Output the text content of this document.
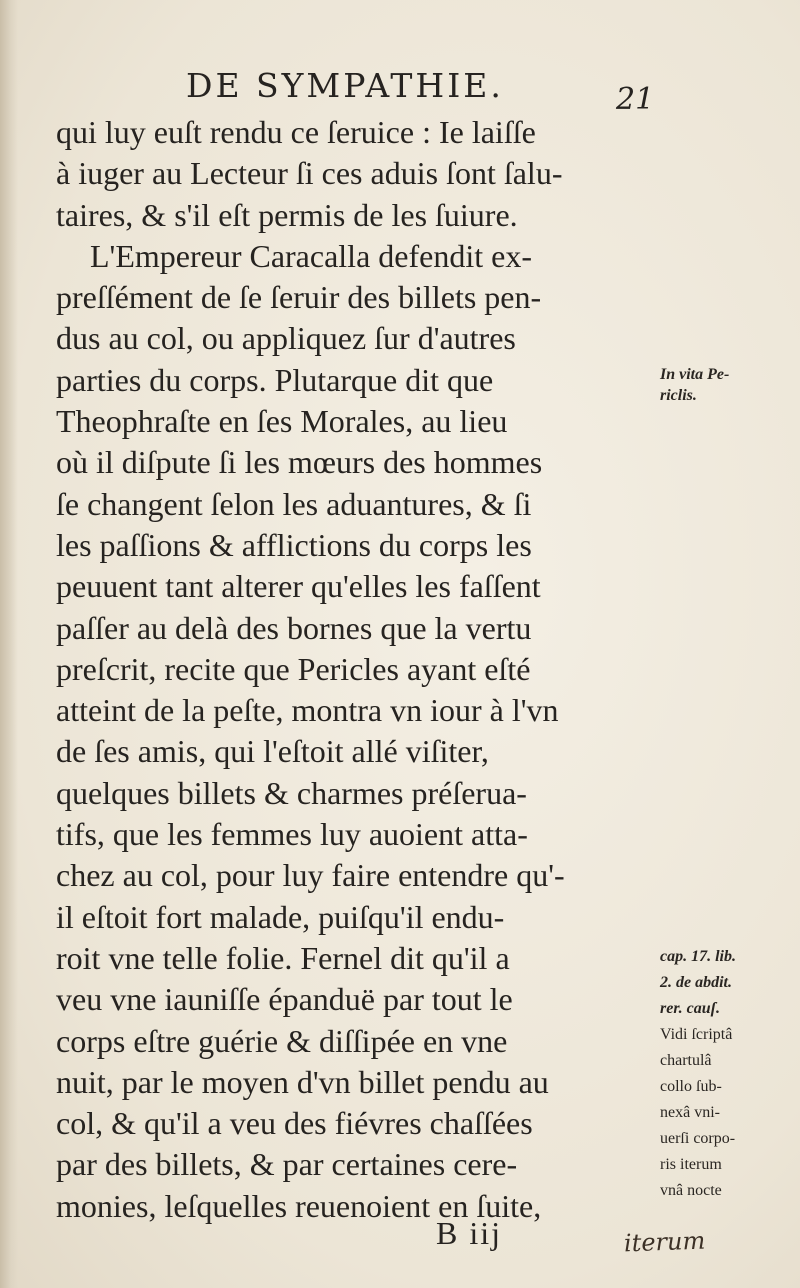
DE SYMPATHIE.	21
qui luy euſt rendu ce ſeruice : Ie laiſſe
à iuger au Lecteur ſi ces aduis ſont ſalu-
taires, & s'il eſt permis de les ſuiure.
L'Empereur Caracalla defendit ex-
preſſément de ſe ſeruir des billets pen-
dus au col, ou appliquez ſur d'autres
parties du corps. Plutarque dit que
Theophraſte en ſes Morales, au lieu
où il diſpute ſi les mœurs des hommes
ſe changent ſelon les aduantures, & ſi
les paſſions & afflictions du corps les
peuuent tant alterer qu'elles les faſſent
paſſer au delà des bornes que la vertu
preſcrit, recite que Pericles ayant eſté
atteint de la peſte, montra vn iour à l'vn
de ſes amis, qui l'eſtoit allé viſiter,
quelques billets & charmes préſerua-
tifs, que les femmes luy auoient atta-
chez au col, pour luy faire entendre qu'-
il eſtoit fort malade, puiſqu'il endu-
roit vne telle folie. Fernel dit qu'il a
veu vne iauniſſe épanduë par tout le
corps eſtre guérie & diſſipée en vne
nuit, par le moyen d'vn billet pendu au
col, & qu'il a veu des fiévres chaſſées
par des billets, & par certaines cere-
monies, leſquelles reuenoient en ſuite,
In vita Pe-
riclis.
cap. 17. lib.
2. de abdit.
rer. cauſ.
Vidi ſcriptâ
chartulâ
collo ſub-
nexâ vni-
uerſi corpo-
ris iterum
vnâ nocte
B iij	iterum
